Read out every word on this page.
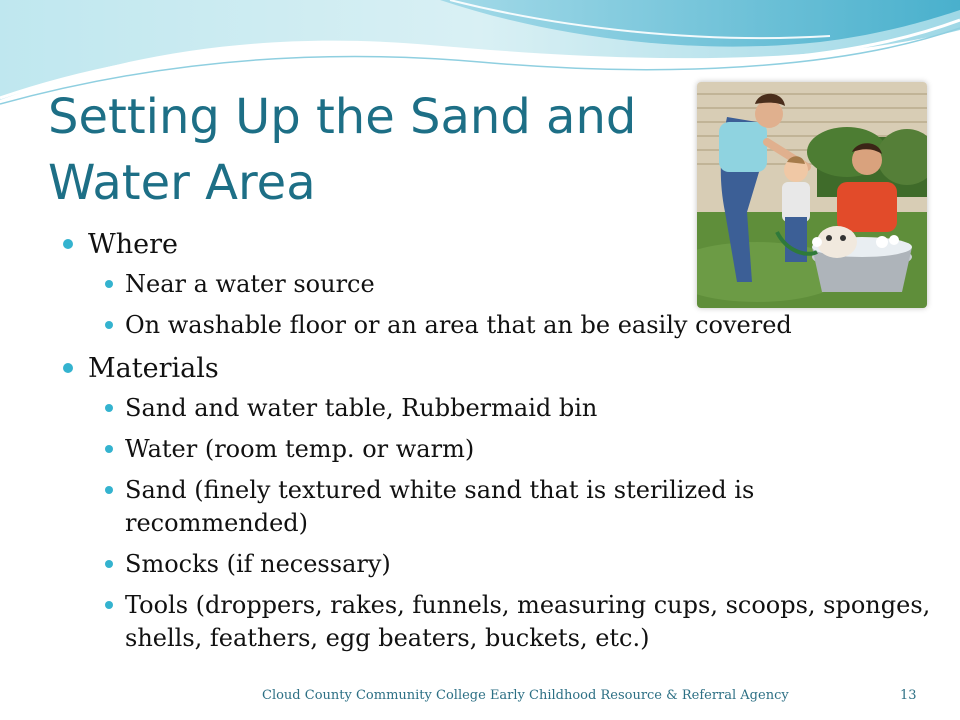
Setting Up the Sand and
Water Area
Where
Near a water source
On washable floor or an area that an be easily covered
Materials
Sand and water table, Rubbermaid bin
Water (room temp. or warm)
Sand (finely textured white sand that is sterilized is recommended)
Smocks (if necessary)
Tools (droppers, rakes, funnels, measuring cups, scoops, sponges, shells, feathers, egg beaters, buckets, etc.)
Cloud County Community College Early Childhood Resource & Referral Agency	13
